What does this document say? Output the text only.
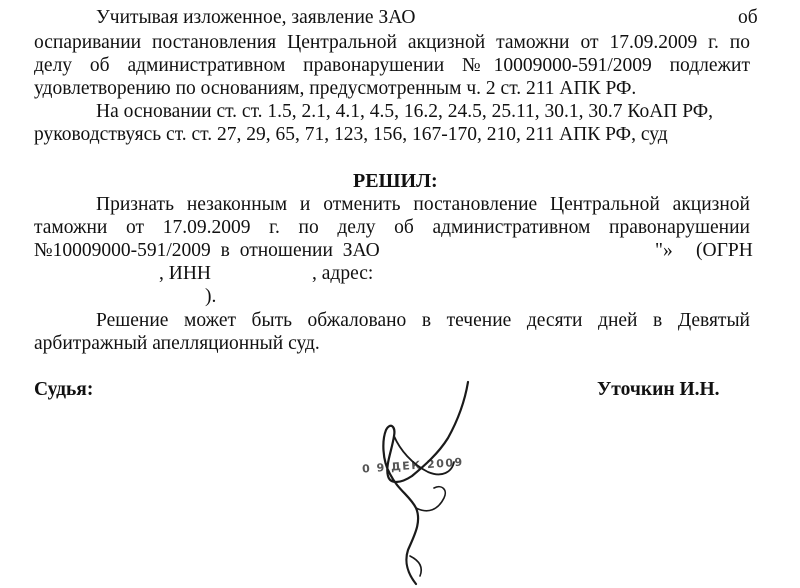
Учитывая изложенное, заявление ЗАО	об

оспаривании постановления Центральной акцизной таможни от 17.09.2009 г. по

делу об административном правонарушении №10009000-591/2009 подлежит

удовлетворению по основаниям, предусмотренным ч. 2 ст. 211 АПК РФ.

На основании ст. ст. 1.5, 2.1, 4.1, 4.5, 16.2, 24.5, 25.11, 30.1, 30.7 КоАП РФ,

руководствуясь ст. ст. 27, 29, 65, 71, 123, 156, 167-170, 210, 211 АПК РФ, суд

РЕШИЛ:

Признать незаконным и отменить постановление Центральной акцизной

таможни от 17.09.2009 г. по делу об административном правонарушении

№10009000-591/2009 в отношении ЗАО	"» (ОГРН

, ИНН	, адрес:

).

Решение может быть обжаловано в течение десяти дней в Девятый

арбитражный апелляционный суд.

Судья:	Уточкин И.Н.

0 9 ДЕК 2009
